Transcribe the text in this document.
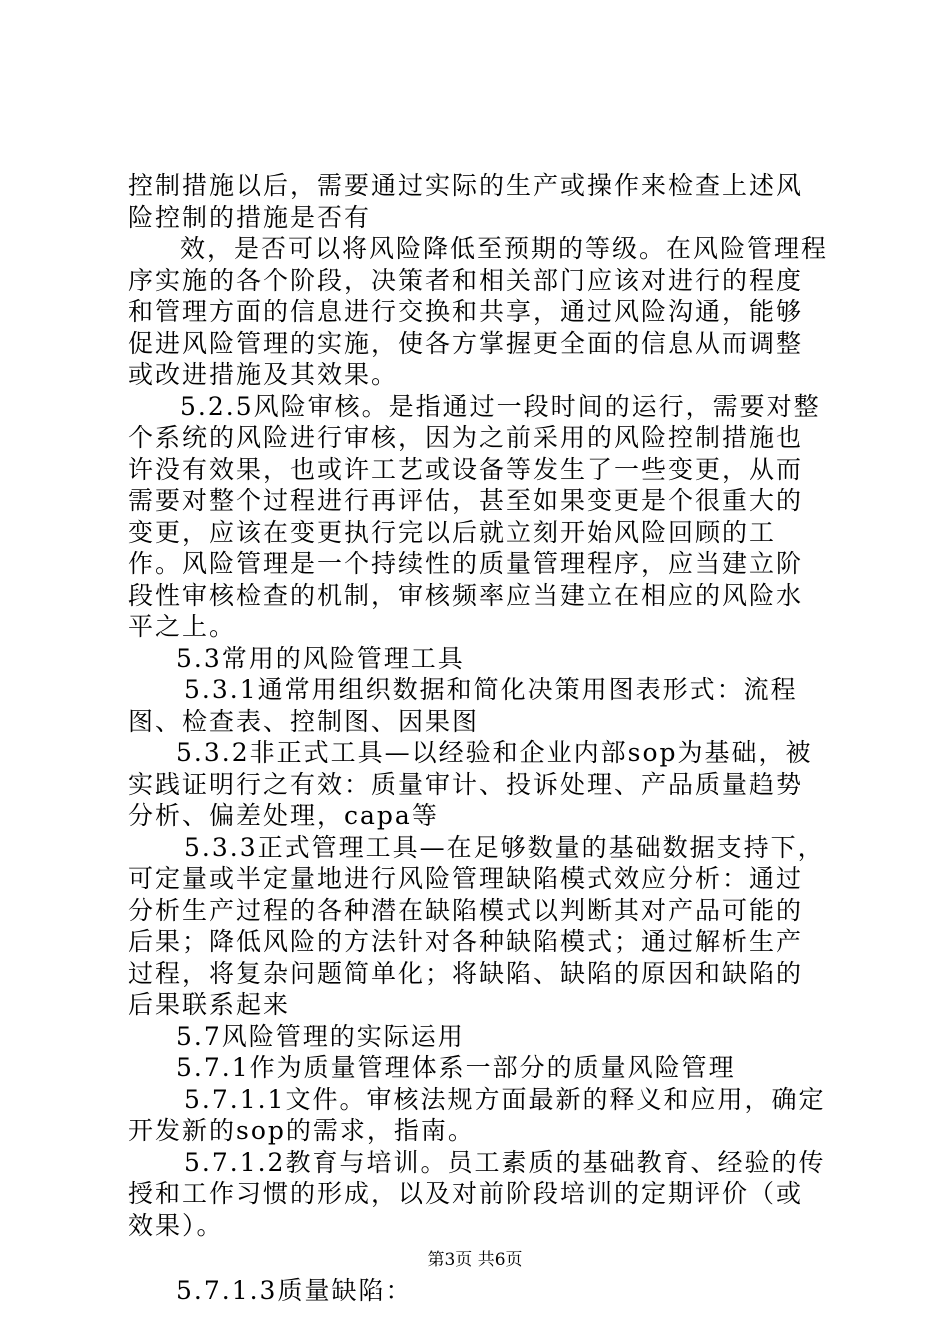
控制措施以后，需要通过实际的生产或操作来检查上述风险控制的措施是否有

效，是否可以将风险降低至预期的等级。在风险管理程序实施的各个阶段，决策者和相关部门应该对进行的程度和管理方面的信息进行交换和共享，通过风险沟通，能够促进风险管理的实施，使各方掌握更全面的信息从而调整或改进措施及其效果。

5.2.5风险审核。是指通过一段时间的运行，需要对整个系统的风险进行审核，因为之前采用的风险控制措施也许没有效果，也或许工艺或设备等发生了一些变更，从而需要对整个过程进行再评估，甚至如果变更是个很重大的变更，应该在变更执行完以后就立刻开始风险回顾的工作。风险管理是一个持续性的质量管理程序，应当建立阶段性审核检查的机制，审核频率应当建立在相应的风险水平之上。

5.3常用的风险管理工具

5.3.1通常用组织数据和简化决策用图表形式：流程图、检查表、控制图、因果图

5.3.2非正式工具—以经验和企业内部sop为基础，被实践证明行之有效：质量审计、投诉处理、产品质量趋势分析、偏差处理，capa等

5.3.3正式管理工具—在足够数量的基础数据支持下，可定量或半定量地进行风险管理缺陷模式效应分析：通过分析生产过程的各种潜在缺陷模式以判断其对产品可能的后果；降低风险的方法针对各种缺陷模式；通过解析生产过程，将复杂问题简单化；将缺陷、缺陷的原因和缺陷的后果联系起来

5.7风险管理的实际运用

5.7.1作为质量管理体系一部分的质量风险管理

5.7.1.1文件。审核法规方面最新的释义和应用，确定开发新的sop的需求，指南。

5.7.1.2教育与培训。员工素质的基础教育、经验的传授和工作习惯的形成，以及对前阶段培训的定期评价（或效果）。

5.7.1.3质量缺陷：

第3页 共6页
